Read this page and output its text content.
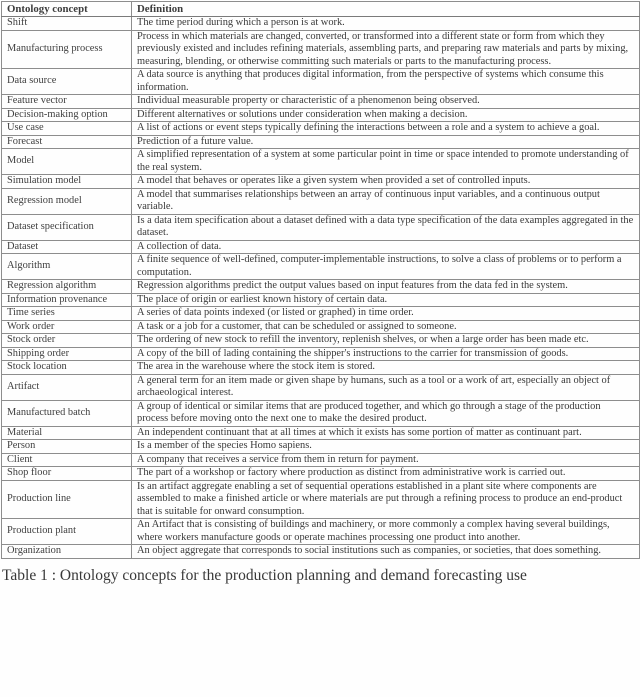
Ontology concept	Definition
Shift	The time period during which a person is at work.
Manufacturing process	Process in which materials are changed, converted, or transformed into a different state or form from which they previously existed and includes refining materials, assembling parts, and preparing raw materials and parts by mixing, measuring, blending, or otherwise committing such materials or parts to the manufacturing process.
Data source	A data source is anything that produces digital information, from the perspective of systems which consume this information.
Feature vector	Individual measurable property or characteristic of a phenomenon being observed.
Decision-making option	Different alternatives or solutions under consideration when making a decision.
Use case	A list of actions or event steps typically defining the interactions between a role and a system to achieve a goal.
Forecast	Prediction of a future value.
Model	A simplified representation of a system at some particular point in time or space intended to promote understanding of the real system.
Simulation model	A model that behaves or operates like a given system when provided a set of controlled inputs.
Regression model	A model that summarises relationships between an array of continuous input variables, and a continuous output variable.
Dataset specification	Is a data item specification about a dataset defined with a data type specification of the data examples aggregated in the dataset.
Dataset	A collection of data.
Algorithm	A finite sequence of well-defined, computer-implementable instructions, to solve a class of problems or to perform a computation.
Regression algorithm	Regression algorithms predict the output values based on input features from the data fed in the system.
Information provenance	The place of origin or earliest known history of certain data.
Time series	A series of data points indexed (or listed or graphed) in time order.
Work order	A task or a job for a customer, that can be scheduled or assigned to someone.
Stock order	The ordering of new stock to refill the inventory, replenish shelves, or when a large order has been made etc.
Shipping order	A copy of the bill of lading containing the shipper's instructions to the carrier for transmission of goods.
Stock location	The area in the warehouse where the stock item is stored.
Artifact	A general term for an item made or given shape by humans, such as a tool or a work of art, especially an object of archaeological interest.
Manufactured batch	A group of identical or similar items that are produced together, and which go through a stage of the production process before moving onto the next one to make the desired product.
Material	An independent continuant that at all times at which it exists has some portion of matter as continuant part.
Person	Is a member of the species Homo sapiens.
Client	A company that receives a service from them in return for payment.
Shop floor	The part of a workshop or factory where production as distinct from administrative work is carried out.
Production line	Is an artifact aggregate enabling a set of sequential operations established in a plant site where components are assembled to make a finished article or where materials are put through a refining process to produce an end-product that is suitable for onward consumption.
Production plant	An Artifact that is consisting of buildings and machinery, or more commonly a complex having several buildings, where workers manufacture goods or operate machines processing one product into another.
Organization	An object aggregate that corresponds to social institutions such as companies, or societies, that does something.
Table 1 : Ontology concepts for the production planning and demand forecasting use
